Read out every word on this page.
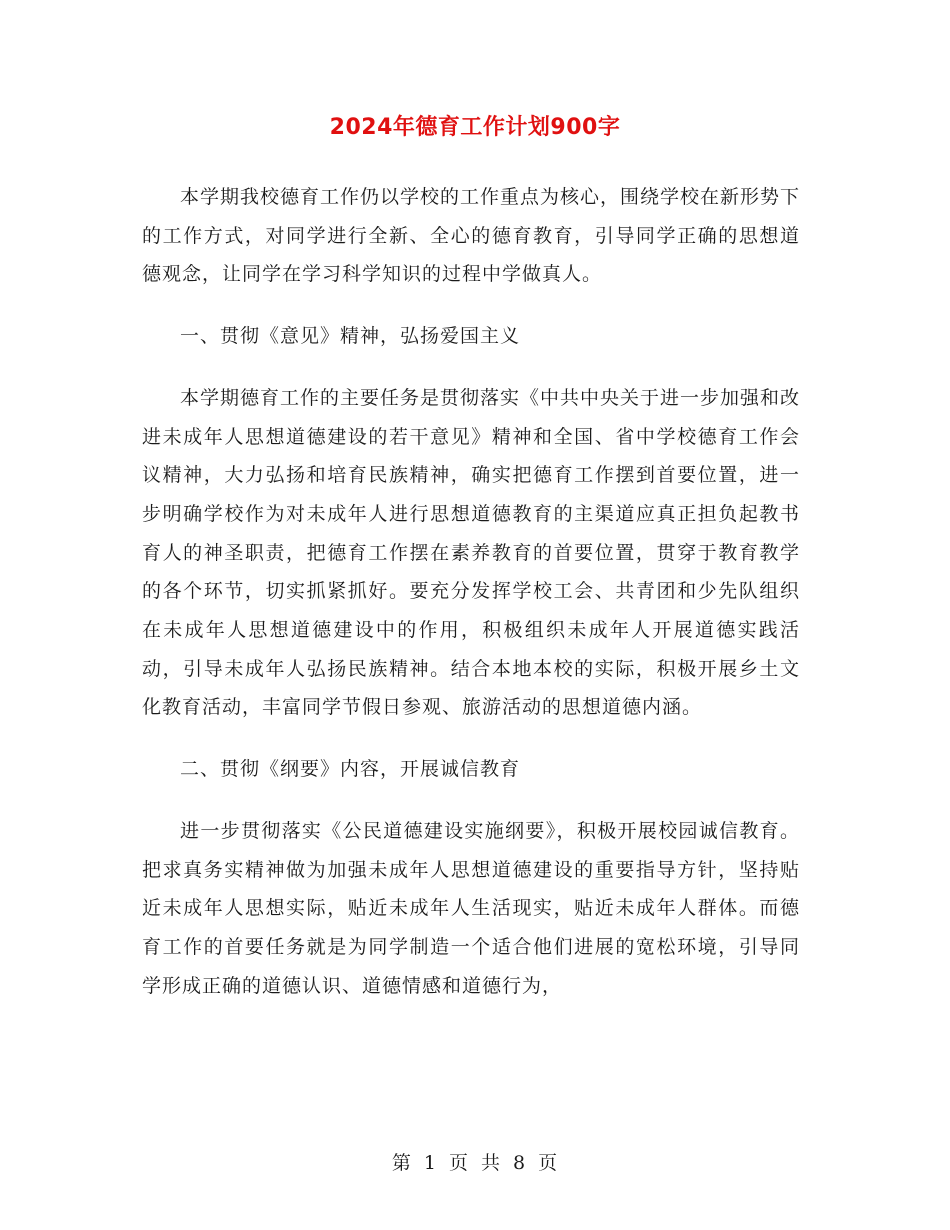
2024年德育工作计划900字

本学期我校德育工作仍以学校的工作重点为核心，围绕学校在新形势下的工作方式，对同学进行全新、全心的德育教育，引导同学正确的思想道德观念，让同学在学习科学知识的过程中学做真人。

一、贯彻《意见》精神，弘扬爱国主义

本学期德育工作的主要任务是贯彻落实《中共中央关于进一步加强和改进未成年人思想道德建设的若干意见》精神和全国、省中学校德育工作会议精神，大力弘扬和培育民族精神，确实把德育工作摆到首要位置，进一步明确学校作为对未成年人进行思想道德教育的主渠道应真正担负起教书育人的神圣职责，把德育工作摆在素养教育的首要位置，贯穿于教育教学的各个环节，切实抓紧抓好。要充分发挥学校工会、共青团和少先队组织在未成年人思想道德建设中的作用，积极组织未成年人开展道德实践活动，引导未成年人弘扬民族精神。结合本地本校的实际，积极开展乡土文化教育活动，丰富同学节假日参观、旅游活动的思想道德内涵。

二、贯彻《纲要》内容，开展诚信教育

进一步贯彻落实《公民道德建设实施纲要》，积极开展校园诚信教育。把求真务实精神做为加强未成年人思想道德建设的重要指导方针，坚持贴近未成年人思想实际，贴近未成年人生活现实，贴近未成年人群体。而德育工作的首要任务就是为同学制造一个适合他们进展的宽松环境，引导同学形成正确的道德认识、道德情感和道德行为，

第 1 页 共 8 页
